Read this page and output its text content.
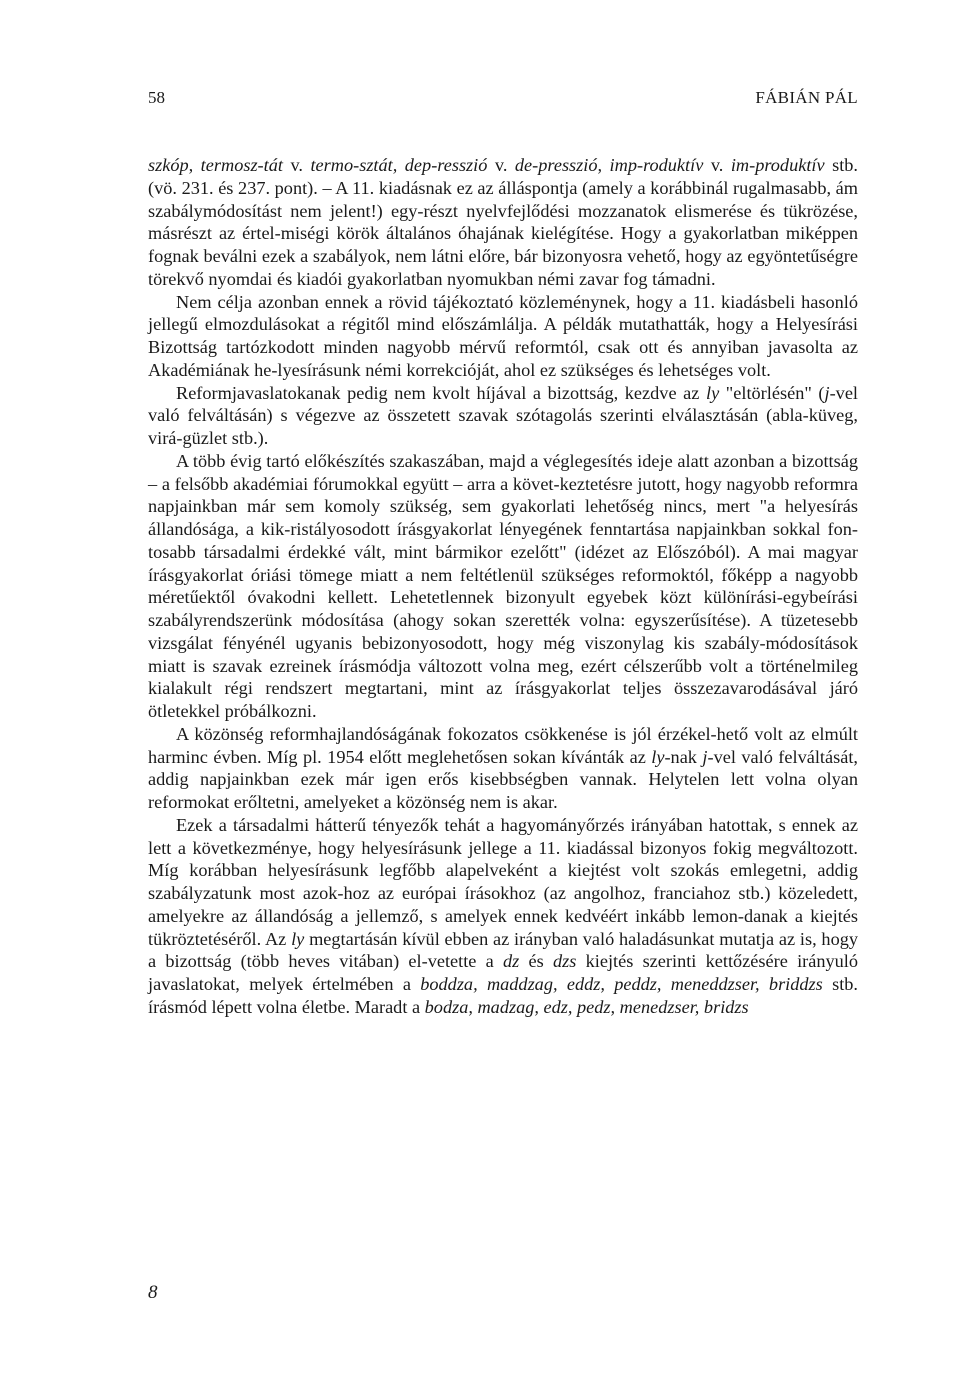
58	FÁBIÁN PÁL

szkóp, termosz-tát v. termo-sztát, dep-resszió v. de-presszió, imp-roduktív v. im-produktív stb. (vö. 231. és 237. pont). – A 11. kiadásnak ez az álláspontja (amely a korábbinál rugalmasabb, ám szabálymódosítást nem jelent!) egy-részt nyelvfejlődési mozzanatok elismerése és tükrözése, másrészt az értel-miségi körök általános óhajának kielégítése. Hogy a gyakorlatban miképpen fognak beválni ezek a szabályok, nem látni előre, bár bizonyosra vehető, hogy az egyöntetűségre törekvő nyomdai és kiadói gyakorlatban nyomukban némi zavar fog támadni.

Nem célja azonban ennek a rövid tájékoztató közleménynek, hogy a 11. kiadásbeli hasonló jellegű elmozdulásokat a régitől mind előszámlálja. A példák mutathatták, hogy a Helyesírási Bizottság tartózkodott minden nagyobb mérvű reformtól, csak ott és annyiban javasolta az Akadémiának he-lyesírásunk némi korrekcióját, ahol ez szükséges és lehetséges volt.

Reformjavaslatokanak pedig nem kvolt híjával a bizottság, kezdve az ly "eltörlésén" (j-vel való felváltásán) s végezve az összetett szavak szótagolás szerinti elválasztásán (abla-küveg, virá-güzlet stb.).

A több évig tartó előkészítés szakaszában, majd a véglegesítés ideje alatt azonban a bizottság – a felsőbb akadémiai fórumokkal együtt – arra a követ-keztetésre jutott, hogy nagyobb reformra napjainkban már sem komoly szükség, sem gyakorlati lehetőség nincs, mert "a helyesírás állandósága, a kik-ristályosodott írásgyakorlat lényegének fenntartása napjainkban sokkal fon-tosabb társadalmi érdekké vált, mint bármikor ezelőtt" (idézet az Előszóból). A mai magyar írásgyakorlat óriási tömege miatt a nem feltétlenül szükséges reformoktól, főképp a nagyobb méretűektől óvakodni kellett. Lehetetlennek bizonyult egyebek közt különírási-egybeírási szabályrendszerünk módosítása (ahogy sokan szerették volna: egyszerűsítése). A tüzetesebb vizsgálat fényénél ugyanis bebizonyosodott, hogy még viszonylag kis szabály-módosítások miatt is szavak ezreinek írásmódja változott volna meg, ezért célszerűbb volt a történelmileg kialakult régi rendszert megtartani, mint az írásgyakorlat teljes összezavarodásával járó ötletekkel próbálkozni.

A közönség reformhajlandóságának fokozatos csökkenése is jól érzékel-hető volt az elmúlt harminc évben. Míg pl. 1954 előtt meglehetősen sokan kívánták az ly-nak j-vel való felváltását, addig napjainkban ezek már igen erős kisebbségben vannak. Helytelen lett volna olyan reformokat erőltetni, amelyeket a közönség nem is akar.

Ezek a társadalmi hátterű tényezők tehát a hagyományőrzés irányában hatottak, s ennek az lett a következménye, hogy helyesírásunk jellege a 11. kiadással bizonyos fokig megváltozott. Míg korábban helyesírásunk legfőbb alapelveként a kiejtést volt szokás emlegetni, addig szabályzatunk most azok-hoz az európai írásokhoz (az angolhoz, franciahoz stb.) közeledett, amelyekre az állandóság a jellemző, s amelyek ennek kedvéért inkább lemon-danak a kiejtés tükröztetéséről. Az ly megtartásán kívül ebben az irányban való haladásunkat mutatja az is, hogy a bizottság (több heves vitában) el-vetette a dz és dzs kiejtés szerinti kettőzésére irányuló javaslatokat, melyek értelmében a boddza, maddzag, eddz, peddz, meneddzser, briddzs stb. írásmód lépett volna életbe. Maradt a bodza, madzag, edz, pedz, menedzser, bridzs

8
